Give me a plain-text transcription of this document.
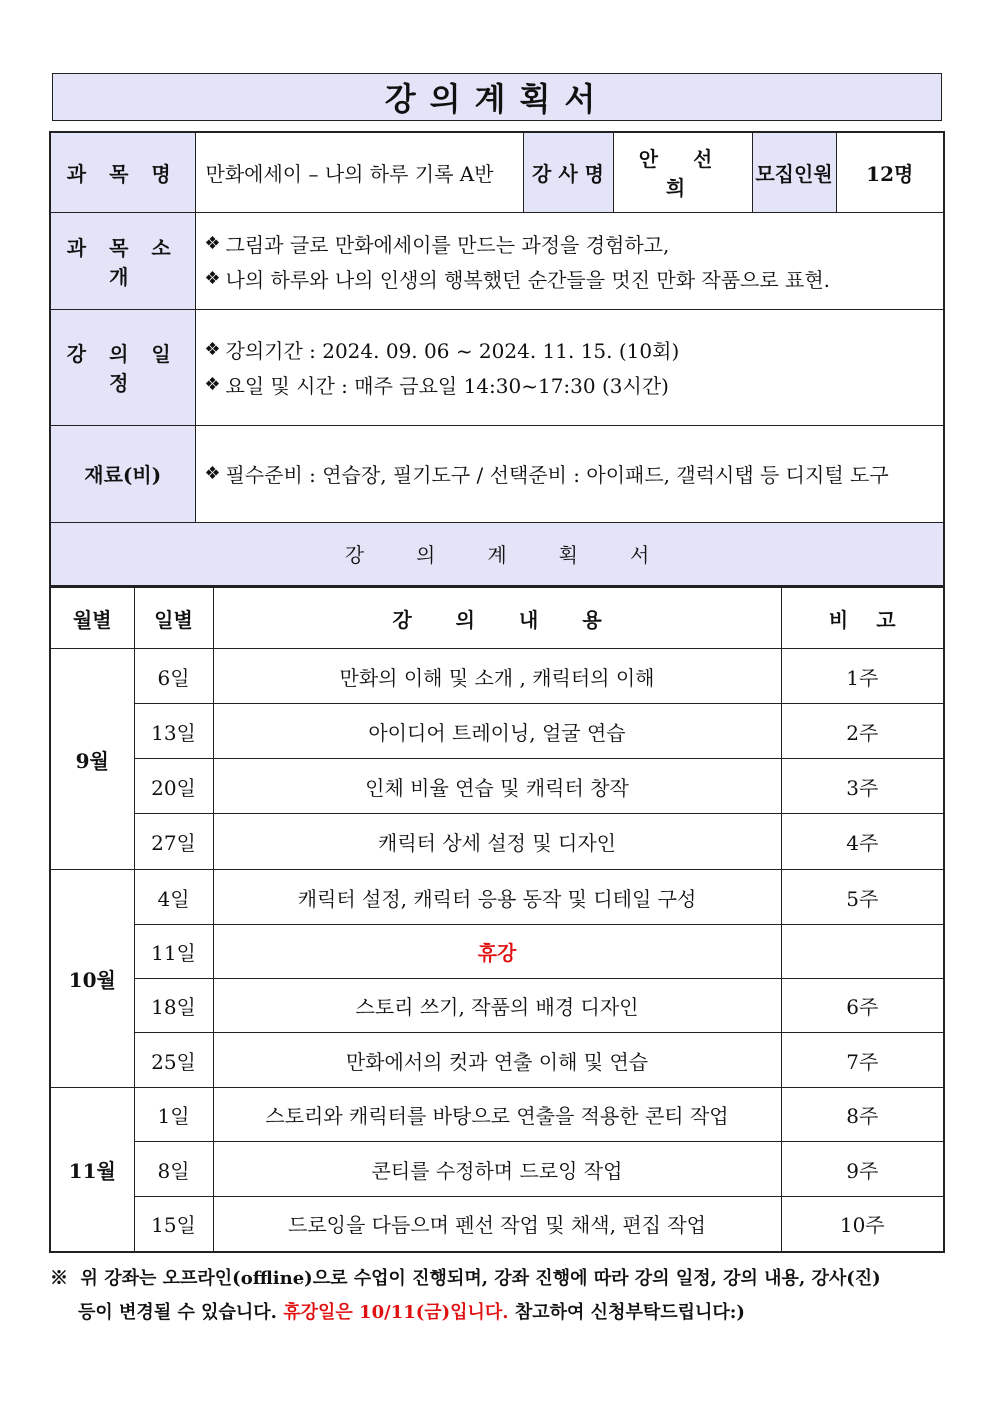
강의계획서
과 목 명	만화에세이 – 나의 하루 기록 A반	강 사 명	안 선 희	모집인원	12명
과 목 소 개	❖ 그림과 글로 만화에세이를 만드는 과정을 경험하고,
❖ 나의 하루와 나의 인생의 행복했던 순간들을 멋진 만화 작품으로 표현.				

강 의 일 정	❖ 강의기간 : 2024. 09. 06 ~ 2024. 11. 15. (10회)
❖ 요일 및 시간 : 매주 금요일 14:30~17:30 (3시간)				

재료(비)	❖ 필수준비 : 연습장, 필기도구 / 선택준비 : 아이패드, 갤럭시탭 등 디지털 도구				

강의계획서					
월별	일별	강의내용	비고
9월	6일	만화의 이해 및 소개 , 캐릭터의 이해	1주
	13일	아이디어 트레이닝, 얼굴 연습	2주
	20일	인체 비율 연습 및 캐릭터 창작	3주
	27일	캐릭터 상세 설정 및 디자인	4주
10월	4일	캐릭터 설정, 캐릭터 응용 동작 및 디테일 구성	5주
	11일	휴강	
	18일	스토리 쓰기, 작품의 배경 디자인	6주
	25일	만화에서의 컷과 연출 이해 및 연습	7주
11월	1일	스토리와 캐릭터를 바탕으로 연출을 적용한 콘티 작업	8주
	8일	콘티를 수정하며 드로잉 작업	9주
	15일	드로잉을 다듬으며 펜선 작업 및 채색, 편집 작업	10주
※ 위 강좌는 오프라인(offline)으로 수업이 진행되며, 강좌 진행에 따라 강의 일정, 강의 내용, 강사(진)
등이 변경될 수 있습니다. 휴강일은 10/11(금)입니다. 참고하여 신청부탁드립니다:)
